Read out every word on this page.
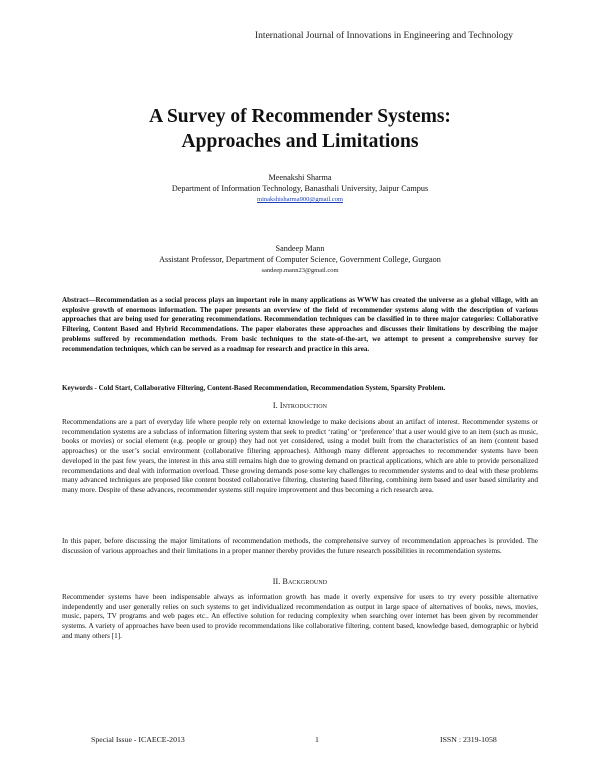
International Journal of Innovations in Engineering and Technology
A Survey of Recommender Systems:
Approaches and Limitations
Meenakshi Sharma
Department of Information Technology, Banasthali University, Jaipur Campus
minakshisharma900@gmail.com
Sandeep Mann
Assistant Professor, Department of Computer Science, Government College, Gurgaon
sandeep.mann23@gmail.com
Abstract—Recommendation as a social process plays an important role in many applications as WWW has created the universe as a global village, with an explosive growth of enormous information. The paper presents an overview of the field of recommender systems along with the description of various approaches that are being used for generating recommendations. Recommendation techniques can be classified in to three major categories: Collaborative Filtering, Content Based and Hybrid Recommendations. The paper elaborates these approaches and discusses their limitations by describing the major problems suffered by recommendation methods. From basic techniques to the state-of-the-art, we attempt to present a comprehensive survey for recommendation techniques, which can be served as a roadmap for research and practice in this area.
Keywords - Cold Start, Collaborative Filtering, Content-Based Recommendation, Recommendation System, Sparsity Problem.
I. Introduction
Recommendations are a part of everyday life where people rely on external knowledge to make decisions about an artifact of interest. Recommender systems or recommendation systems are a subclass of information filtering system that seek to predict ‘rating’ or ‘preference’ that a user would give to an item (such as music, books or movies) or social element (e.g. people or group) they had not yet considered, using a model built from the characteristics of an item (content based approaches) or the user’s social environment (collaborative filtering approaches). Although many different approaches to recommender systems have been developed in the past few years, the interest in this area still remains high due to growing demand on practical applications, which are able to provide personalized recommendations and deal with information overload. These growing demands pose some key challenges to recommender systems and to deal with these problems many advanced techniques are proposed like content boosted collaborative filtering, clustering based filtering, combining item based and user based similarity and many more. Despite of these advances, recommender systems still require improvement and thus becoming a rich research area.
In this paper, before discussing the major limitations of recommendation methods, the comprehensive survey of recommendation approaches is provided. The discussion of various approaches and their limitations in a proper manner thereby provides the future research possibilities in recommendation systems.
II. Background
Recommender systems have been indispensable always as information growth has made it overly expensive for users to try every possible alternative independently and user generally relies on such systems to get individualized recommendation as output in large space of alternatives of books, news, movies, music, papers, TV programs and web pages etc.. An effective solution for reducing complexity when searching over internet has been given by recommender systems. A variety of approaches have been used to provide recommendations like collaborative filtering, content based, knowledge based, demographic or hybrid and many others [1].
Special Issue - ICAECE-2013	1	ISSN : 2319-1058
